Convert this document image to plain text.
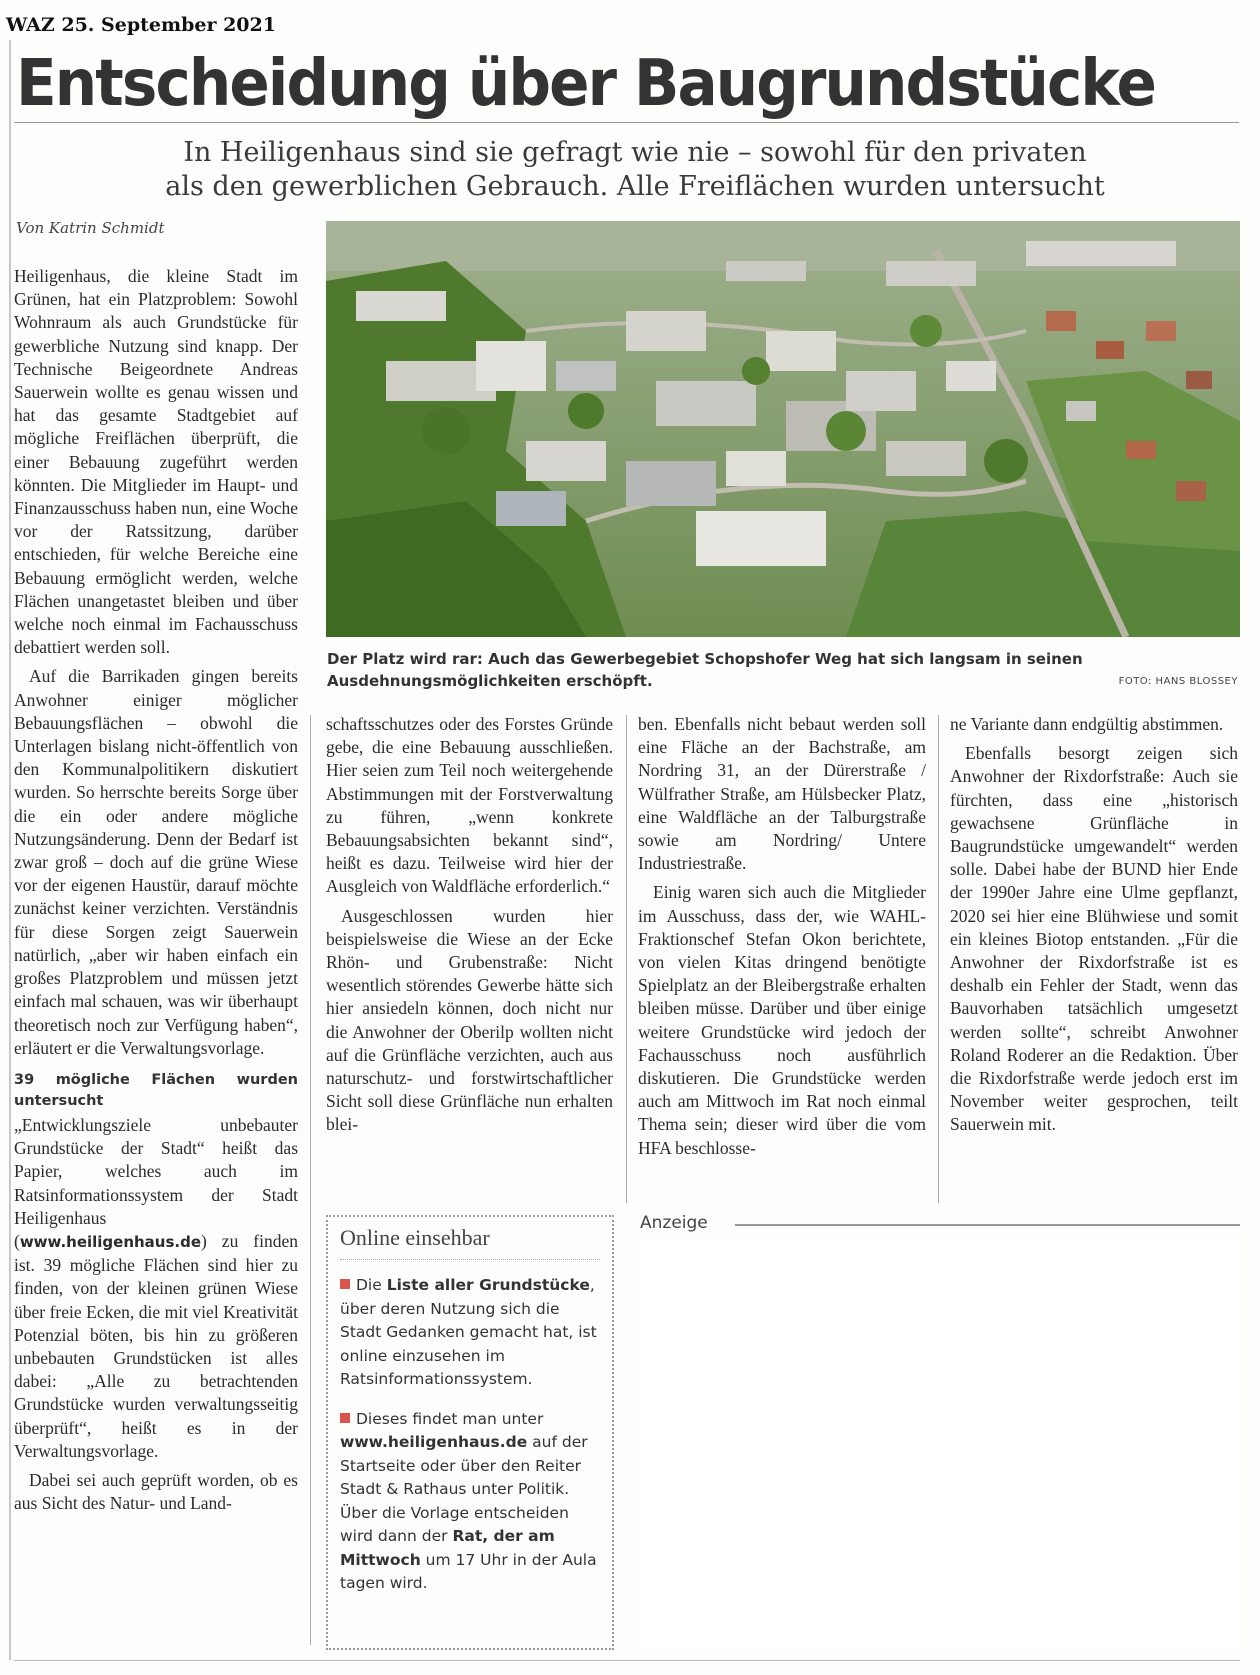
WAZ 25. September 2021
Entscheidung über Baugrundstücke
In Heiligenhaus sind sie gefragt wie nie – sowohl für den privaten
als den gewerblichen Gebrauch. Alle Freiflächen wurden untersucht
Von Katrin Schmidt
Der Platz wird rar: Auch das Gewerbegebiet Schopshofer Weg hat sich langsam in seinen Ausdehnungsmöglichkeiten erschöpft.	FOTO: HANS BLOSSEY

Heiligenhaus, die kleine Stadt im Grünen, hat ein Platzproblem: Sowohl Wohnraum als auch Grundstücke für gewerbliche Nutzung sind knapp. Der Technische Beigeordnete Andreas Sauerwein wollte es genau wissen und hat das gesamte Stadtgebiet auf mögliche Freiflächen überprüft, die einer Bebauung zugeführt werden könnten. Die Mitglieder im Haupt- und Finanzausschuss haben nun, eine Woche vor der Ratssitzung, darüber entschieden, für welche Bereiche eine Bebauung ermöglicht werden, welche Flächen unangetastet bleiben und über welche noch einmal im Fachausschuss debattiert werden soll.

Auf die Barrikaden gingen bereits Anwohner einiger möglicher Bebauungsflächen – obwohl die Unterlagen bislang nicht-öffentlich von den Kommunalpolitikern diskutiert wurden. So herrschte bereits Sorge über die ein oder andere mögliche Nutzungsänderung. Denn der Bedarf ist zwar groß – doch auf die grüne Wiese vor der eigenen Haustür, darauf möchte zunächst keiner verzichten. Verständnis für diese Sorgen zeigt Sauerwein natürlich, „aber wir haben einfach ein großes Platzproblem und müssen jetzt einfach mal schauen, was wir überhaupt theoretisch noch zur Verfügung haben“, erläutert er die Verwaltungsvorlage.

39 mögliche Flächen wurden untersucht

„Entwicklungsziele unbebauter Grundstücke der Stadt“ heißt das Papier, welches auch im Ratsinformationssystem der Stadt Heiligenhaus (www.heiligenhaus.de) zu finden ist. 39 mögliche Flächen sind hier zu finden, von der kleinen grünen Wiese über freie Ecken, die mit viel Kreativität Potenzial böten, bis hin zu größeren unbebauten Grundstücken ist alles dabei: „Alle zu betrachtenden Grundstücke wurden verwaltungsseitig überprüft“, heißt es in der Verwaltungsvorlage.

Dabei sei auch geprüft worden, ob es aus Sicht des Natur- und Land-

schaftsschutzes oder des Forstes Gründe gebe, die eine Bebauung ausschließen. Hier seien zum Teil noch weitergehende Abstimmungen mit der Forstverwaltung zu führen, „wenn konkrete Bebauungsabsichten bekannt sind“, heißt es dazu. Teilweise wird hier der Ausgleich von Waldfläche erforderlich.“

Ausgeschlossen wurden hier beispielsweise die Wiese an der Ecke Rhön- und Grubenstraße: Nicht wesentlich störendes Gewerbe hätte sich hier ansiedeln können, doch nicht nur die Anwohner der Oberilp wollten nicht auf die Grünfläche verzichten, auch aus naturschutz- und forstwirtschaftlicher Sicht soll diese Grünfläche nun erhalten blei-

ben. Ebenfalls nicht bebaut werden soll eine Fläche an der Bachstraße, am Nordring 31, an der Dürerstraße / Wülfrather Straße, am Hülsbecker Platz, eine Waldfläche an der Talburgstraße sowie am Nordring/ Untere Industriestraße.

Einig waren sich auch die Mitglieder im Ausschuss, dass der, wie WAHL-Fraktionschef Stefan Okon berichtete, von vielen Kitas dringend benötigte Spielplatz an der Bleibergstraße erhalten bleiben müsse. Darüber und über einige weitere Grundstücke wird jedoch der Fachausschuss noch ausführlich diskutieren. Die Grundstücke werden auch am Mittwoch im Rat noch einmal Thema sein; dieser wird über die vom HFA beschlosse-

ne Variante dann endgültig abstimmen.

Ebenfalls besorgt zeigen sich Anwohner der Rixdorfstraße: Auch sie fürchten, dass eine „historisch gewachsene Grünfläche in Baugrundstücke umgewandelt“ werden solle. Dabei habe der BUND hier Ende der 1990er Jahre eine Ulme gepflanzt, 2020 sei hier eine Blühwiese und somit ein kleines Biotop entstanden. „Für die Anwohner der Rixdorfstraße ist es deshalb ein Fehler der Stadt, wenn das Bauvorhaben tatsächlich umgesetzt werden sollte“, schreibt Anwohner Roland Roderer an die Redaktion. Über die Rixdorfstraße werde jedoch erst im November weiter gesprochen, teilt Sauerwein mit.

Online einsehbar
Die Liste aller Grundstücke, über deren Nutzung sich die Stadt Gedanken gemacht hat, ist online einzusehen im Ratsinformationssystem.
Dieses findet man unter www.heiligenhaus.de auf der Startseite oder über den Reiter Stadt & Rathaus unter Politik. Über die Vorlage entscheiden wird dann der Rat, der am Mittwoch um 17 Uhr in der Aula tagen wird.
Anzeige
